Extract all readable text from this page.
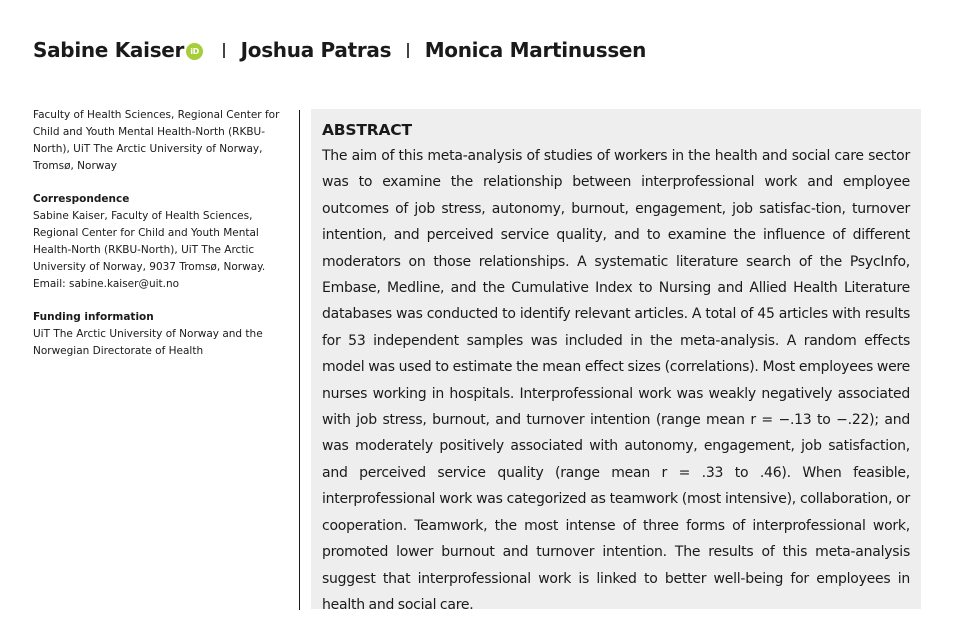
Sabine Kaiser iD Joshua Patras Monica Martinussen

Faculty of Health Sciences, Regional Center for Child and Youth Mental Health-North (RKBU-North), UiT The Arctic University of Norway, Tromsø, Norway

Correspondence

Sabine Kaiser, Faculty of Health Sciences, Regional Center for Child and Youth Mental Health-North (RKBU-North), UiT The Arctic University of Norway, 9037 Tromsø, Norway.

Email: sabine.kaiser@uit.no

Funding information

UiT The Arctic University of Norway and the Norwegian Directorate of Health

ABSTRACT

The aim of this meta-analysis of studies of workers in the health and social care sector was to examine the relationship between interprofessional work and employee outcomes of job stress, autonomy, burnout, engagement, job satisfac-tion, turnover intention, and perceived service quality, and to examine the influence of different moderators on those relationships. A systematic literature search of the PsycInfo, Embase, Medline, and the Cumulative Index to Nursing and Allied Health Literature databases was conducted to identify relevant articles. A total of 45 articles with results for 53 independent samples was included in the meta-analysis. A random effects model was used to estimate the mean effect sizes (correlations). Most employees were nurses working in hospitals. Interprofessional work was weakly negatively associated with job stress, burnout, and turnover intention (range mean r = −.13 to −.22); and was moderately positively associated with autonomy, engagement, job satisfaction, and perceived service quality (range mean r = .33 to .46). When feasible, interprofessional work was categorized as teamwork (most intensive), collaboration, or cooperation. Teamwork, the most intense of three forms of interprofessional work, promoted lower burnout and turnover intention. The results of this meta-analysis suggest that interprofessional work is linked to better well-being for employees in health and social care.
